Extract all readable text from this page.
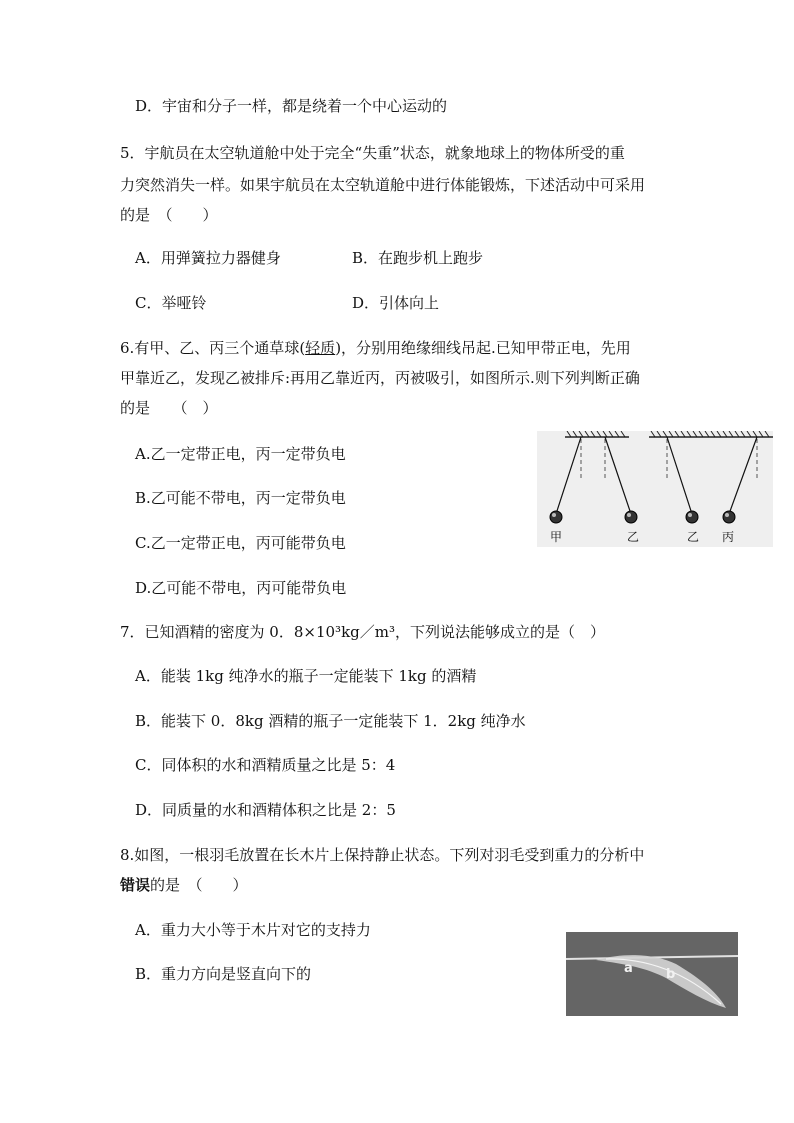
D．宇宙和分子一样，都是绕着一个中心运动的
5．宇航员在太空轨道舱中处于完全“失重”状态，就象地球上的物体所受的重
力突然消失一样。如果宇航员在太空轨道舱中进行体能锻炼，下述活动中可采用
的是　（　　）
A．用弹簧拉力器健身	B．在跑步机上跑步
C．举哑铃	D．引体向上
6.有甲、乙、丙三个通草球(轻质)，分别用绝缘细线吊起.已知甲带正电，先用
甲靠近乙，发现乙被排斥:再用乙靠近丙，丙被吸引，如图所示.则下列判断正确
的是　　（　）
A.乙一定带正电，丙一定带负电
B.乙可能不带电，丙一定带负电
C.乙一定带正电，丙可能带负电
D.乙可能不带电，丙可能带负电
甲	乙	乙 丙
7．已知酒精的密度为 0．8×10³kg／m³，下列说法能够成立的是（　）
A．能装 1kg 纯净水的瓶子一定能装下 1kg 的酒精
B．能装下 0．8kg 酒精的瓶子一定能装下 1．2kg 纯净水
C．同体积的水和酒精质量之比是 5：4
D．同质量的水和酒精体积之比是 2：5
8.如图，一根羽毛放置在长木片上保持静止状态。下列对羽毛受到重力的分析中
错误的是　（　　）
A．重力大小等于木片对它的支持力
B．重力方向是竖直向下的	a	b
